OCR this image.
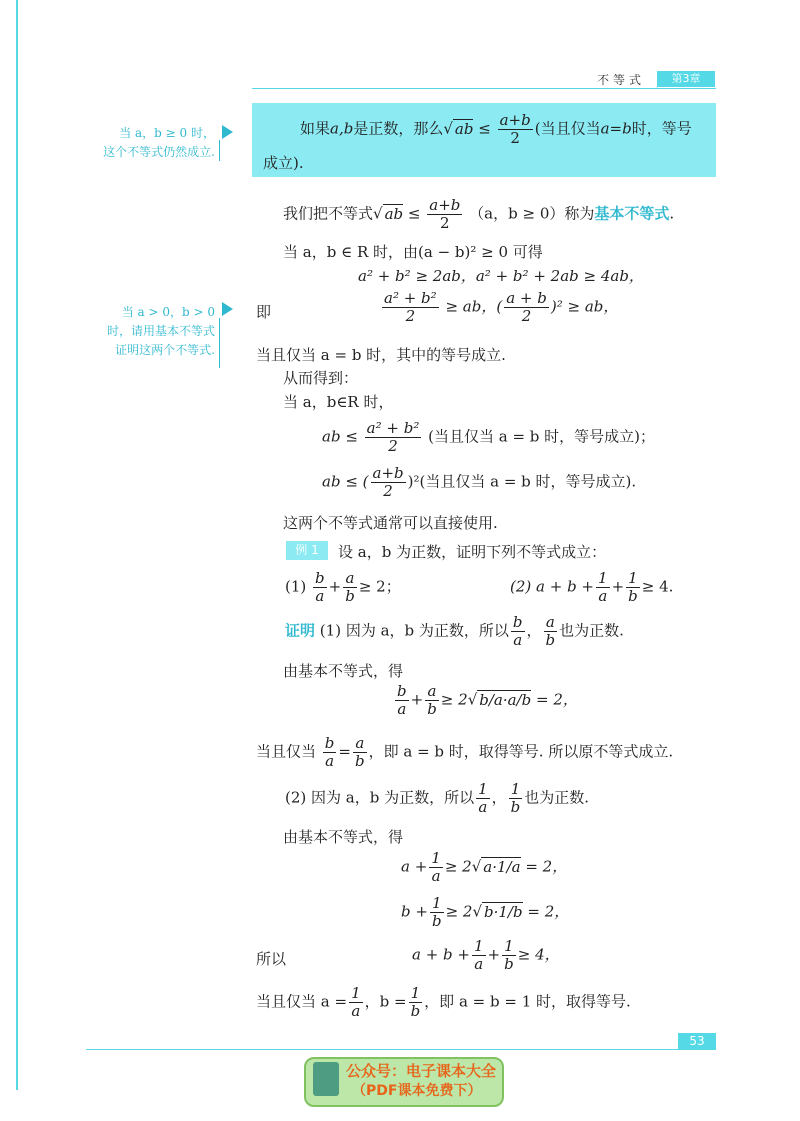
不等式	第3章
当 a，b ≥ 0 时，
这个不等式仍然成立.
当 a > 0，b > 0
时，请用基本不等式
证明这两个不等式.
如果a,b是正数，那么√ ab ≤ $\frac{a+b}{2}$ (当且仅当a=b时，等号
成立).
我们把不等式√ ab ≤ $\frac{a+b}{2} (a$，b ≥ 0）称为基本不等式.
当 a，b ∈ R 时，由(a − b)² ≥ 0 可得
a² + b² ≥ 2ab，a² + b² + 2ab ≥ 4ab，
即	$\frac{\text{a² + b²}}{2}$ ≥ ab，( $\frac{a + b}{2} )^2$ ≥ ab，
当且仅当 a = b 时，其中的等号成立.
从而得到：
当 a，b∈R 时，
ab ≤ $\frac{\text{a² + b²}}{2}$ (当且仅当 a = b 时，等号成立)；
ab ≤ ( $\frac{a+b}{2} )^2$(当且仅当 a = b 时，等号成立).
这两个不等式通常可以直接使用.
例 1	设 a，b 为正数，证明下列不等式成立：
$(1) \frac{b}{a} + \frac{a}{b} \ge 2$；	(2) $a + b + \frac{1}{a} + \frac{1}{b} \ge 4$.
证明 (1) 因为 a，b 为正数，所以 $\frac{b}{a}$ ， $\frac{a}{b}$ 也为正数.
由基本不等式，得
$\frac{b}{a} + \frac{a}{b} \ge 2√$ b/a·a/b = 2，
当且仅当 $\frac{b}{a} = \frac{a}{b}$ ，即 a = b 时，取得等号. 所以原不等式成立.
(2) 因为 a，b 为正数，所以 $\frac{1}{a}$ ， $\frac{1}{b}$ 也为正数.
由基本不等式，得
$a + \frac{1}{a} \ge 2√$ a·1/a = 2，
$b + \frac{1}{b} \ge 2√$ b·1/b = 2，
所以	$a + b + \frac{1}{a} + \frac{1}{b} \ge 4$，
当且仅当 $a = \frac{1}{a}$ ，$b = \frac{1}{b}$ ，即 a = b = 1 时，取得等号.
53
公众号：电子课本大全
（PDF课本免费下）
